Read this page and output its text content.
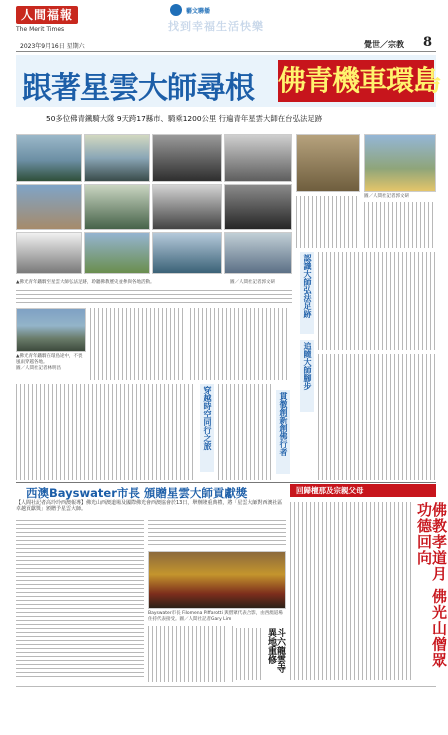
人間福報
The Merit Times
2023年9月16日 星期六
藝文聯播
找到幸福生活快樂
覺世／宗教 8
跟著星雲大師尋根 佛青機車環島
50多位佛青鐵騎大隊 9天跨17縣市、騎乘1200公里 行遍青年星雲大師在台弘法足跡
▲佛光青年鐵騎至星雲大師弘法足跡，聆聽佛教歷史並參與各地活動。	圖／人間社記者郭文研
▲佛光青年鐵騎在環島途中，不畏風雨穿越各地。
圖／人間社記者林明昌
穿越時空同行之旅	貫徹創新創佛行者
圖／人間社記者郭文研
認識大師弘法足跡
追隨大師腳步
西澳Bayswater市長 頒贈星雲大師貢獻獎
【人間社記者高玲玲西澳報導】佛光山西澳道場及國際佛光會西澳協會於13日，舉辦隆重典禮，將「星雲大師對西澳社區卓越貢獻獎」頒贈予星雲大師。
Bayswater市長 Filomena Piffarotti 與僧眾代表合影，由西澳道場住持代表接受。圖／人間社記者Gary Lim
斗六龍雲寺 異地重修
回歸檀那及宗親父母
佛教孝道月 佛光山僧眾功德回向
